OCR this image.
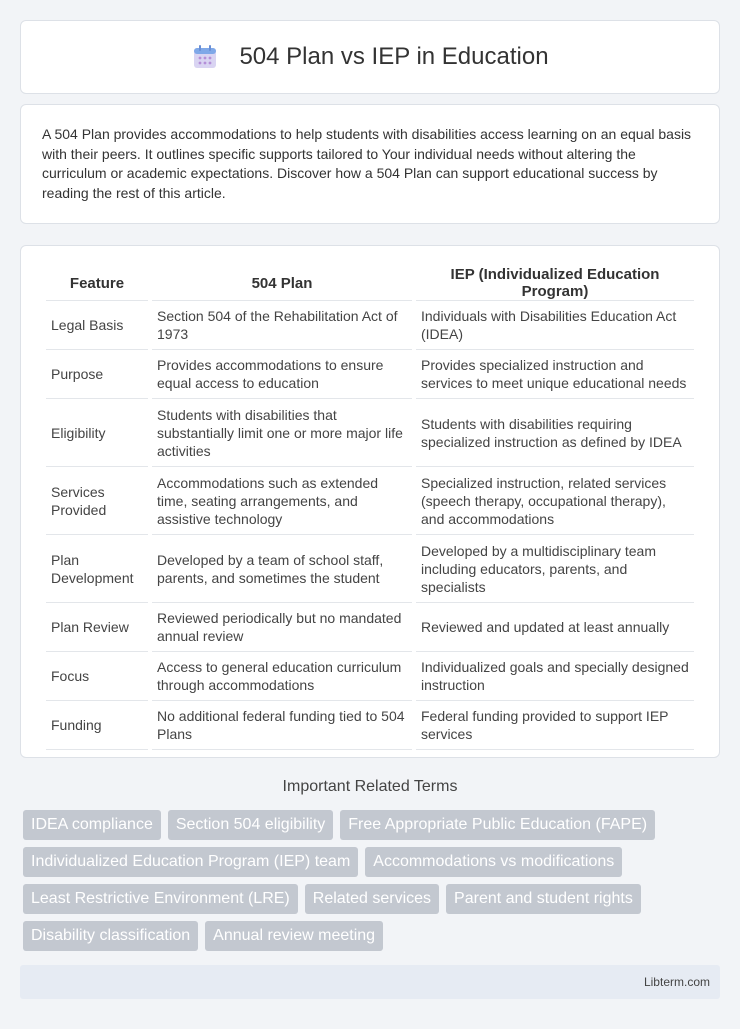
504 Plan vs IEP in Education

A 504 Plan provides accommodations to help students with disabilities access learning on an equal basis with their peers. It outlines specific supports tailored to Your individual needs without altering the curriculum or academic expectations. Discover how a 504 Plan can support educational success by reading the rest of this article.

Feature	504 Plan	IEP (Individualized Education Program)
Legal Basis	Section 504 of the Rehabilitation Act of 1973	Individuals with Disabilities Education Act (IDEA)
Purpose	Provides accommodations to ensure equal access to education	Provides specialized instruction and services to meet unique educational needs
Eligibility	Students with disabilities that substantially limit one or more major life activities	Students with disabilities requiring specialized instruction as defined by IDEA
Services Provided	Accommodations such as extended time, seating arrangements, and assistive technology	Specialized instruction, related services (speech therapy, occupational therapy), and accommodations
Plan Development	Developed by a team of school staff, parents, and sometimes the student	Developed by a multidisciplinary team including educators, parents, and specialists
Plan Review	Reviewed periodically but no mandated annual review	Reviewed and updated at least annually
Focus	Access to general education curriculum through accommodations	Individualized goals and specially designed instruction
Funding	No additional federal funding tied to 504 Plans	Federal funding provided to support IEP services
Important Related Terms
IDEA compliance	Section 504 eligibility	Free Appropriate Public Education (FAPE)
Individualized Education Program (IEP) team	Accommodations vs modifications
Least Restrictive Environment (LRE)	Related services	Parent and student rights
Disability classification	Annual review meeting
Libterm.com
